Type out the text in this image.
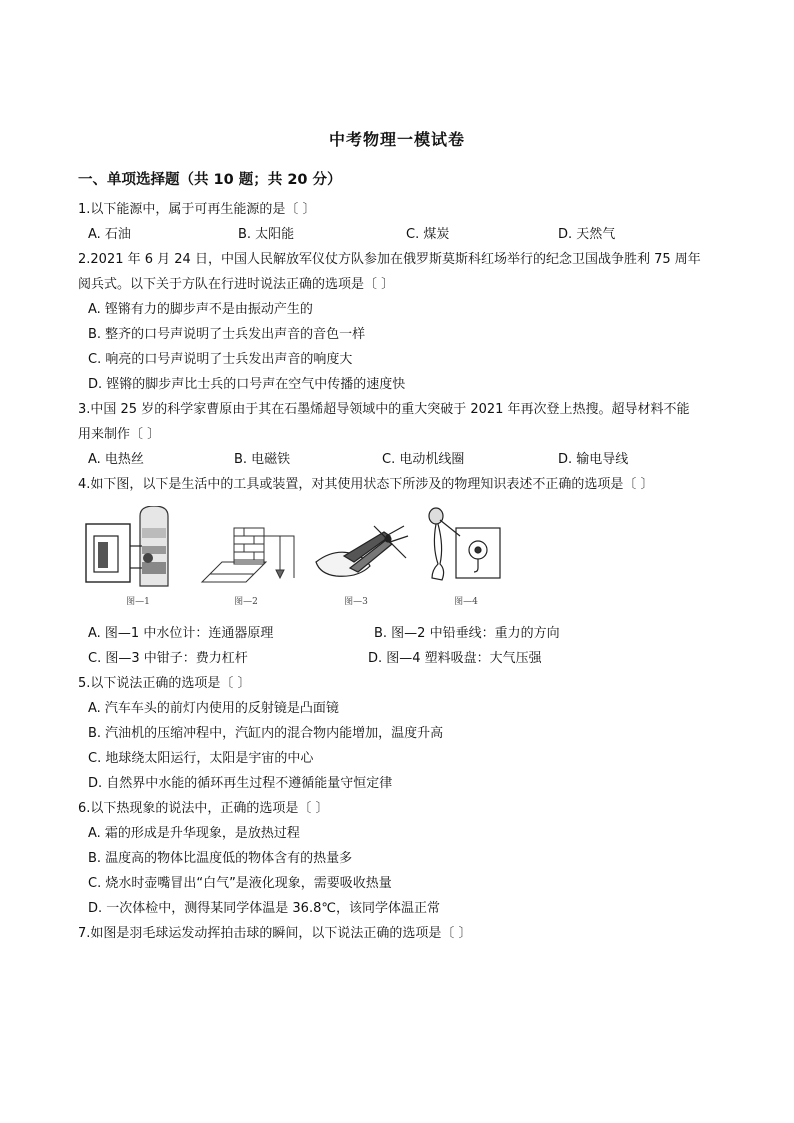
中考物理一模试卷
一、单项选择题（共 10 题；共 20 分）
1.以下能源中，属于可再生能源的是〔 〕
A. 石油	B. 太阳能	C. 煤炭	D. 天然气
2.2021 年 6 月 24 日，中国人民解放军仪仗方队参加在俄罗斯莫斯科红场举行的纪念卫国战争胜利 75 周年
阅兵式。以下关于方队在行进时说法正确的选项是〔 〕
A. 铿锵有力的脚步声不是由振动产生的
B. 整齐的口号声说明了士兵发出声音的音色一样
C. 响亮的口号声说明了士兵发出声音的响度大
D. 铿锵的脚步声比士兵的口号声在空气中传播的速度快
3.中国 25 岁的科学家曹原由于其在石墨烯超导领域中的重大突破于 2021 年再次登上热搜。超导材料不能
用来制作〔 〕
A. 电热丝	B. 电磁铁	C. 电动机线圈	D. 输电导线
4.如下图，以下是生活中的工具或装置，对其使用状态下所涉及的物理知识表述不正确的选项是〔 〕
图—1	图—2	图—3	图—4
A. 图—1 中水位计：连通器原理	B. 图—2 中铅垂线：重力的方向
C. 图—3 中钳子：费力杠杆	D. 图—4 塑料吸盘：大气压强
5.以下说法正确的选项是〔 〕
A. 汽车车头的前灯内使用的反射镜是凸面镜
B. 汽油机的压缩冲程中，汽缸内的混合物内能增加，温度升高
C. 地球绕太阳运行，太阳是宇宙的中心
D. 自然界中水能的循环再生过程不遵循能量守恒定律
6.以下热现象的说法中，正确的选项是〔 〕
A. 霜的形成是升华现象，是放热过程
B. 温度高的物体比温度低的物体含有的热量多
C. 烧水时壶嘴冒出“白气”是液化现象，需要吸收热量
D. 一次体检中，测得某同学体温是 36.8℃，该同学体温正常
7.如图是羽毛球运发动挥拍击球的瞬间，以下说法正确的选项是〔 〕
